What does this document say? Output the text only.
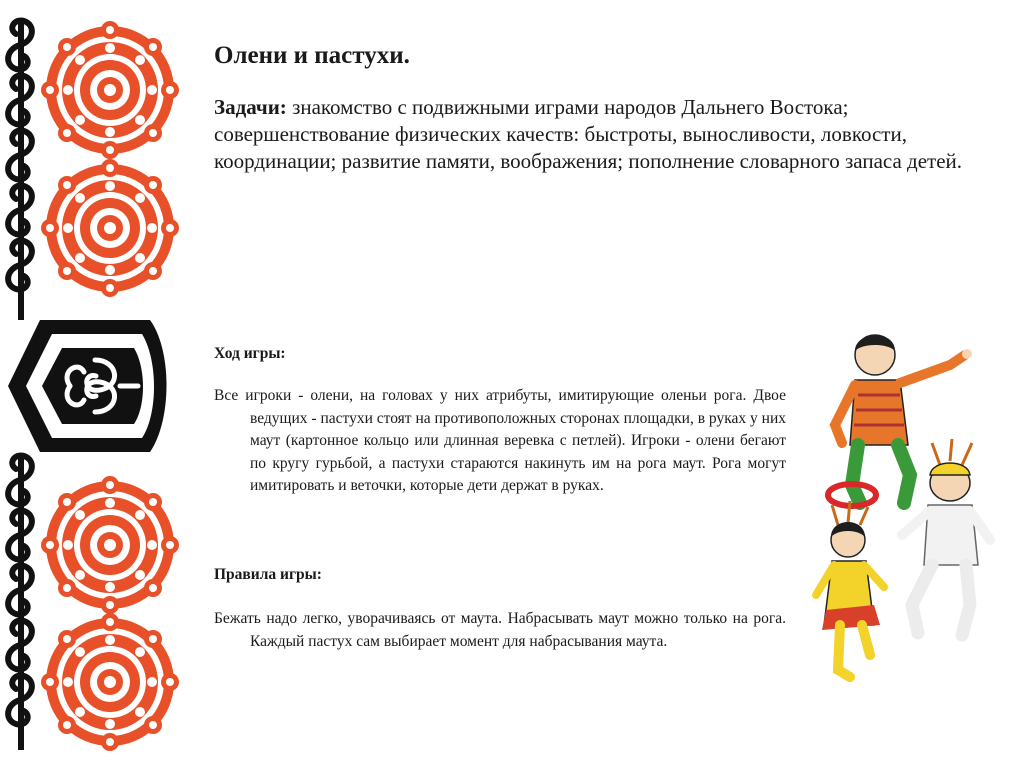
Олени и пастухи.

Задачи: знакомство с подвижными играми народов Дальнего Востока; совершенствование физических качеств: быстроты, выносливости, ловкости, координации; развитие памяти, воображения; пополнение словарного запаса детей.

Ход игры:

Все игроки - олени, на головах у них атрибуты, имитирующие оленьи рога. Двое ведущих - пастухи стоят на противоположных сторонах площадки, в руках у них маут (картонное кольцо или длинная веревка с петлей). Игроки - олени бегают по кругу гурьбой, а пастухи стараются накинуть им на рога маут. Рога могут имитировать и веточки, которые дети держат в руках.

Правила игры:

Бежать надо легко, уворачиваясь от маута. Набрасывать маут можно только на рога. Каждый пастух сам выбирает момент для набрасывания маута.
